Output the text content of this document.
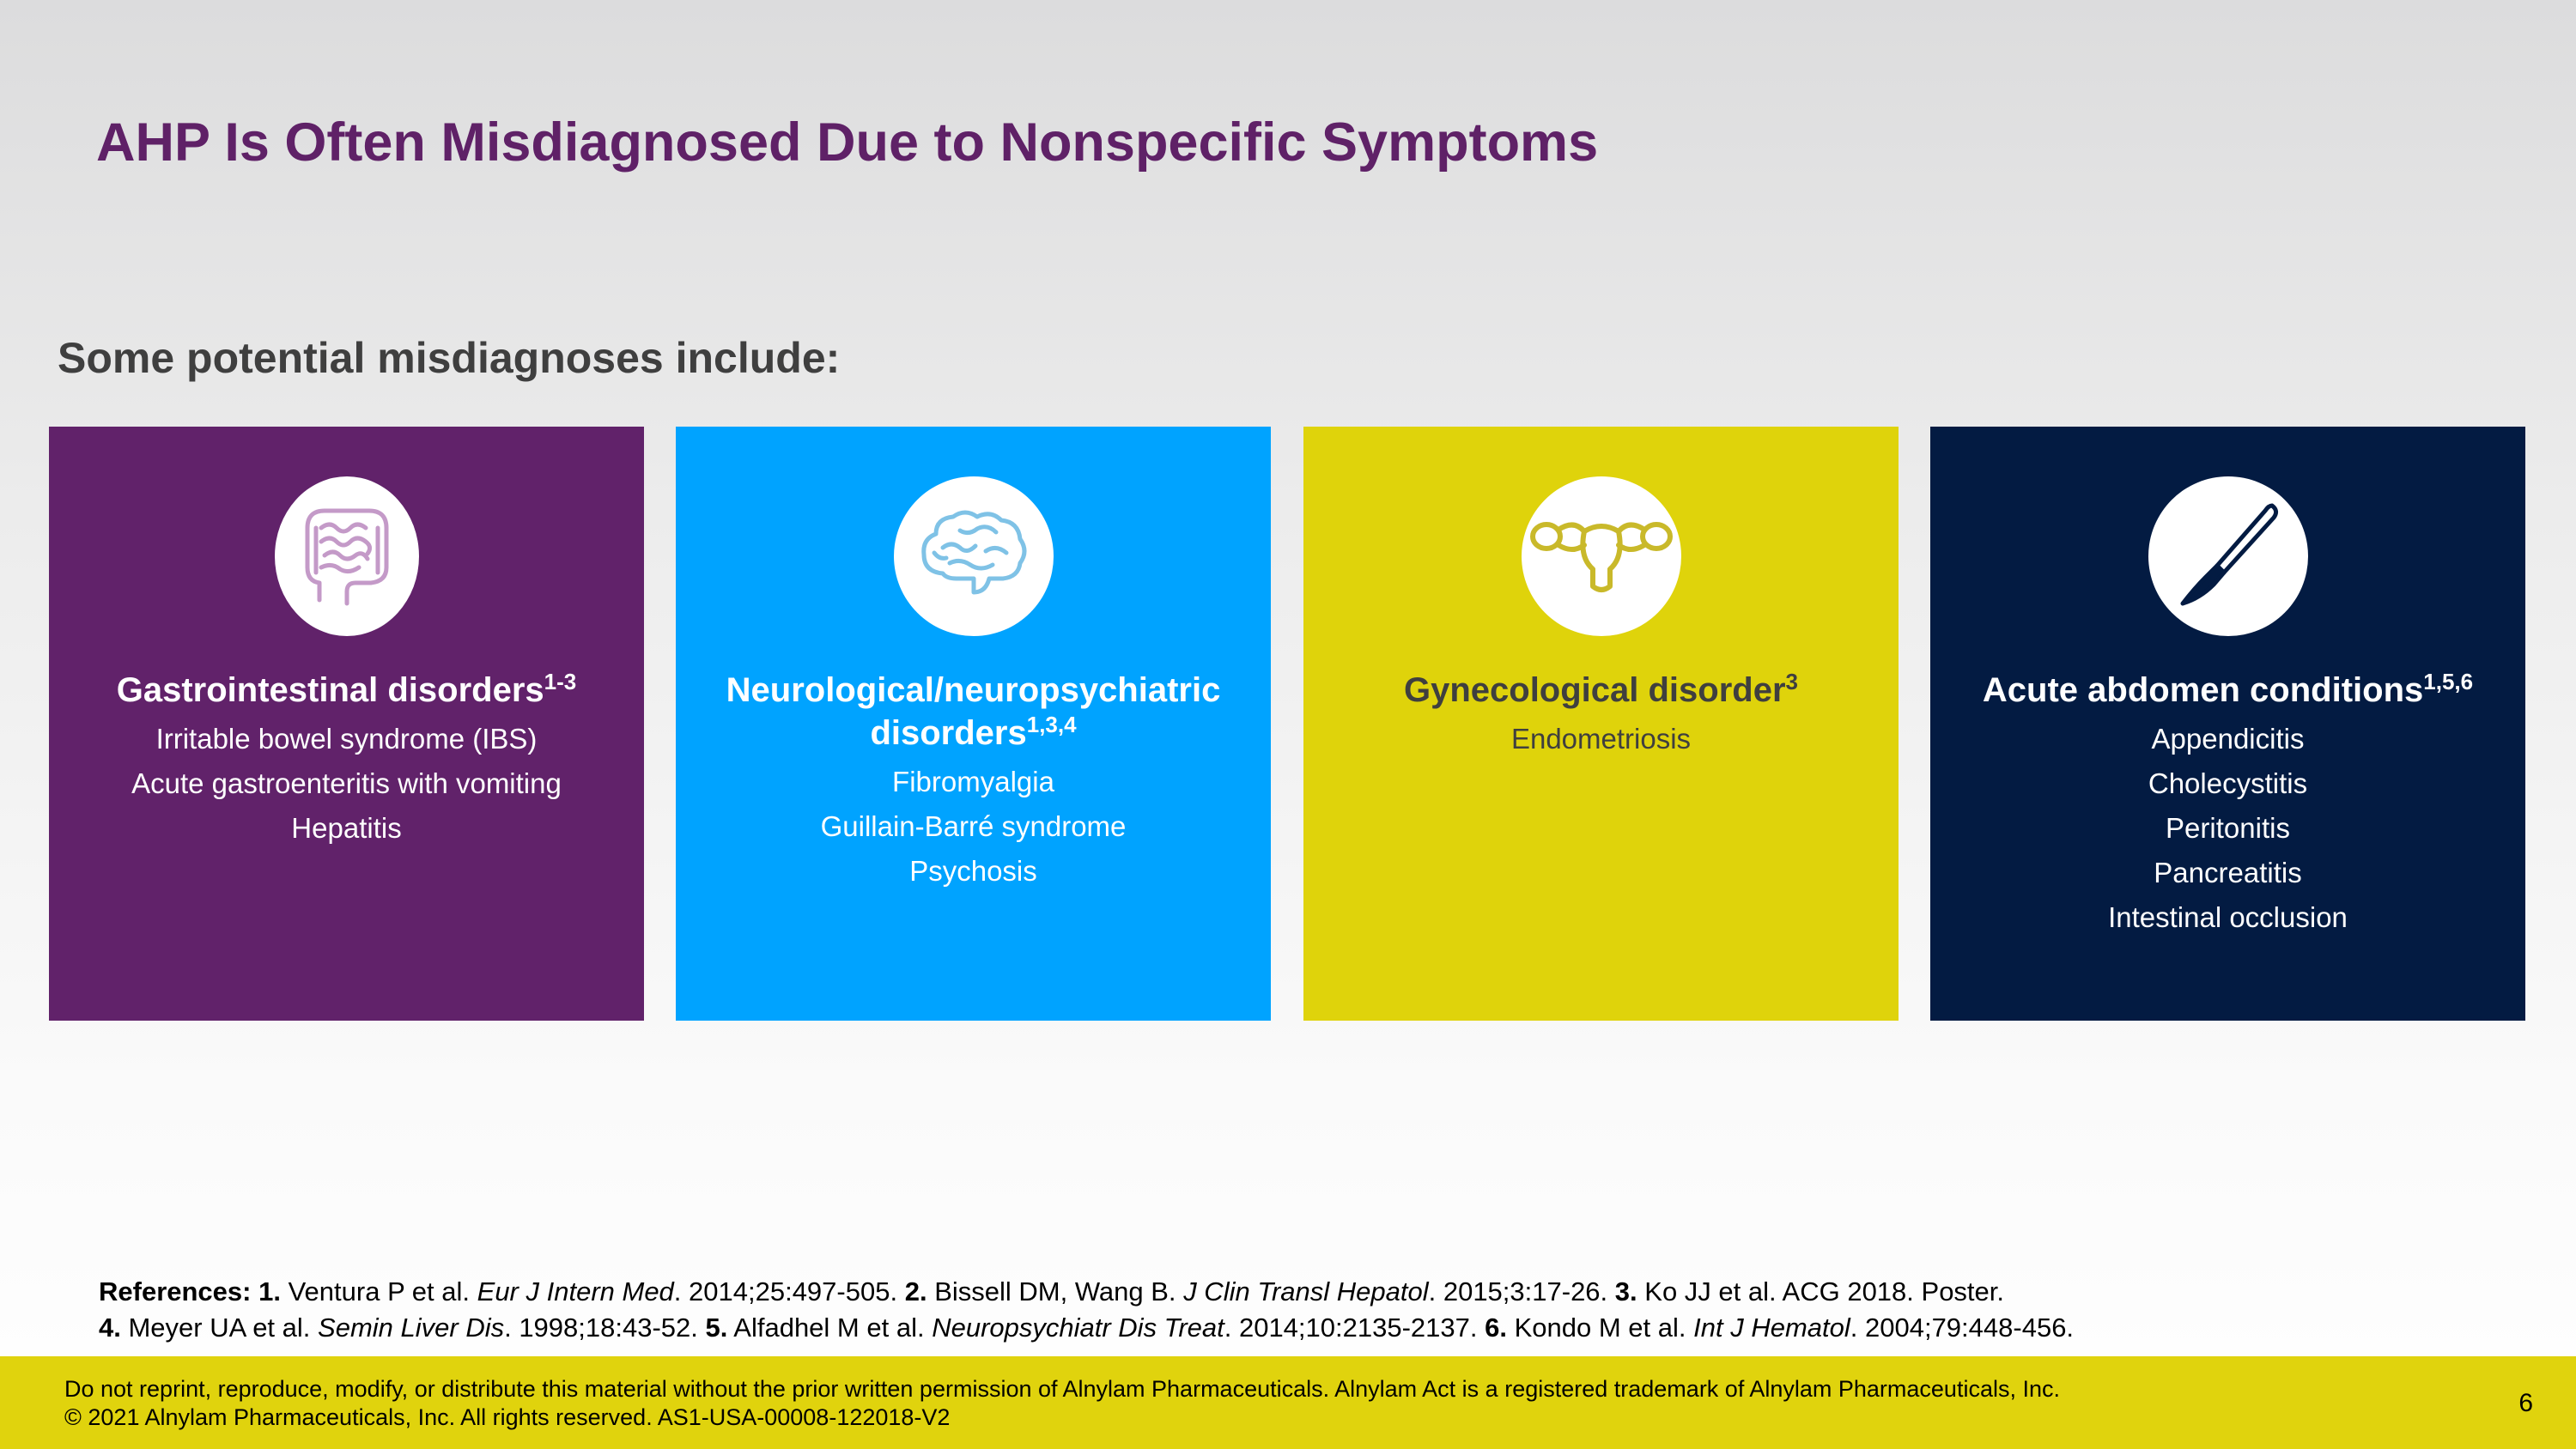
AHP Is Often Misdiagnosed Due to Nonspecific Symptoms
Some potential misdiagnoses include:
Gastrointestinal disorders$^{1-3}$
Irritable bowel syndrome (IBS)
Acute gastroenteritis with vomiting
Hepatitis
Neurological/neuropsychiatric disorders$^{1,3,4}$
Fibromyalgia
Guillain-Barré syndrome
Psychosis
Gynecological disorder$^3$
Endometriosis
Acute abdomen conditions$^{1,5,6}$
Appendicitis
Cholecystitis
Peritonitis
Pancreatitis
Intestinal occlusion
References: 1. Ventura P et al. Eur J Intern Med. 2014;25:497-505. 2. Bissell DM, Wang B. J Clin Transl Hepatol. 2015;3:17-26. 3. Ko JJ et al. ACG 2018. Poster.
4. Meyer UA et al. Semin Liver Dis. 1998;18:43-52. 5. Alfadhel M et al. Neuropsychiatr Dis Treat. 2014;10:2135-2137. 6. Kondo M et al. Int J Hematol. 2004;79:448-456.
Do not reprint, reproduce, modify, or distribute this material without the prior written permission of Alnylam Pharmaceuticals. Alnylam Act is a registered trademark of Alnylam Pharmaceuticals, Inc.
© 2021 Alnylam Pharmaceuticals, Inc. All rights reserved. AS1-USA-00008-122018-V2	6
